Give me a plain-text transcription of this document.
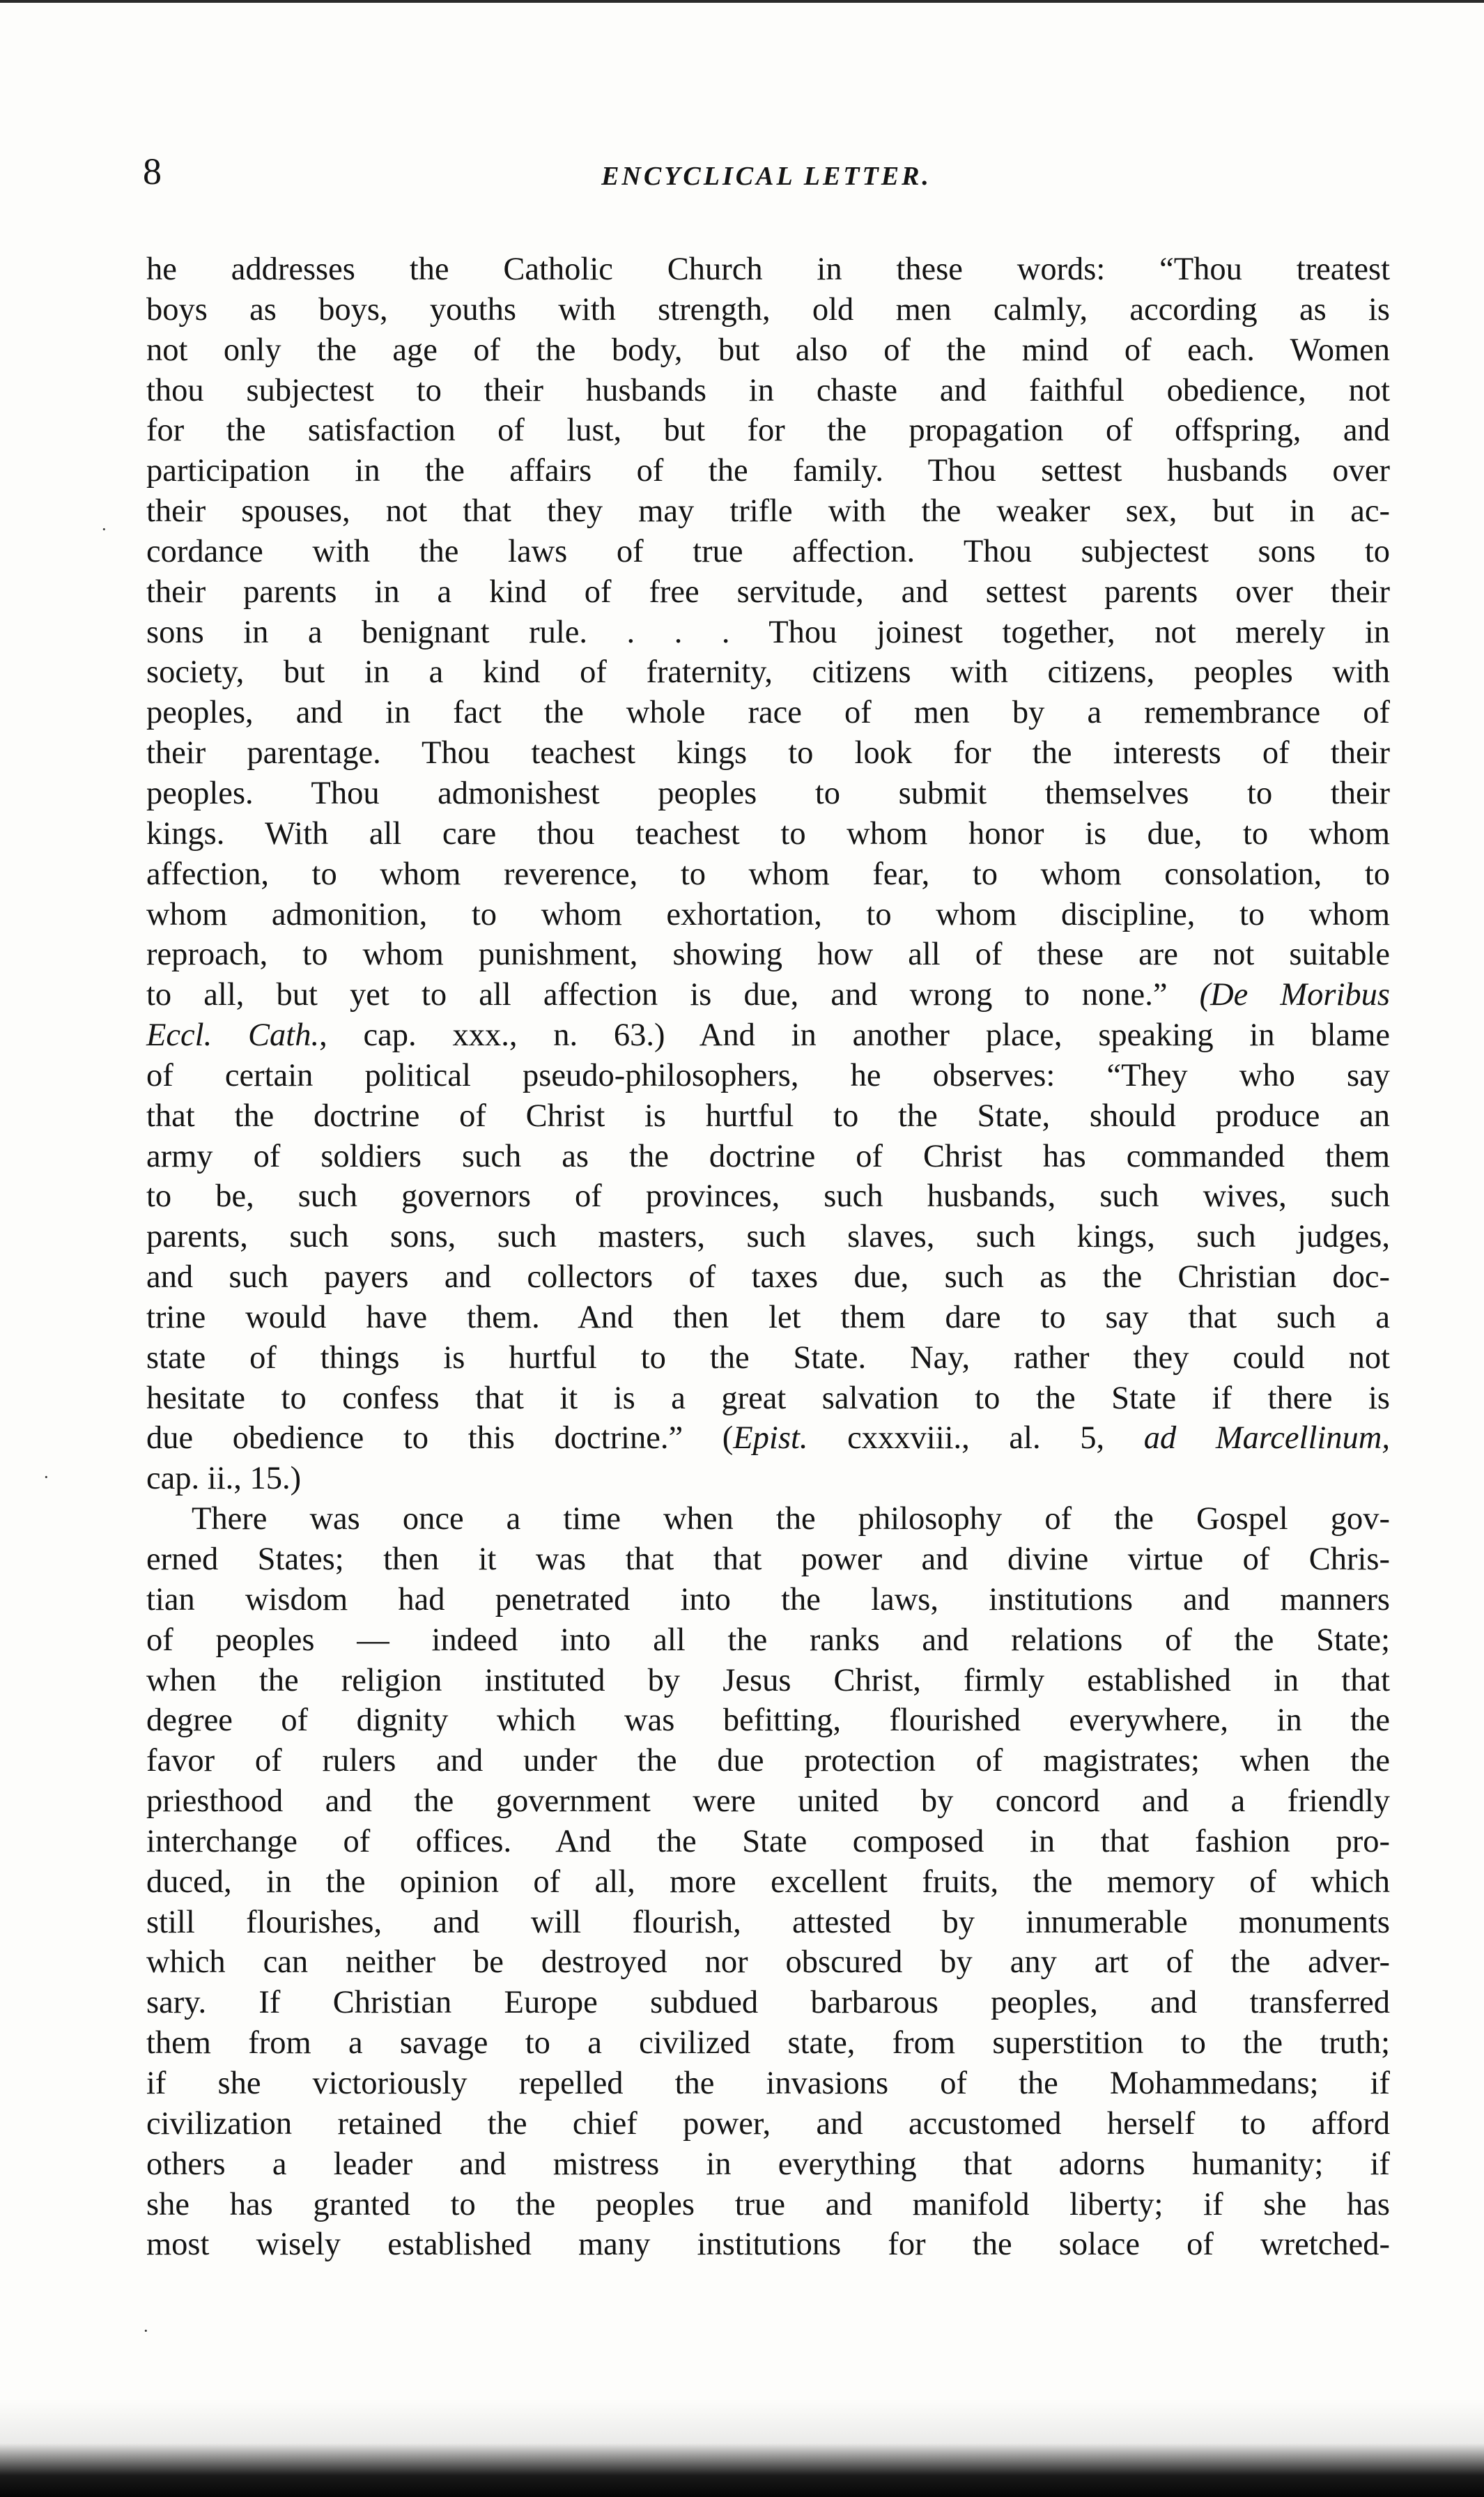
8	ENCYCLICAL LETTER.
he addresses the Catholic Church in these words: “Thou treatest
boys as boys, youths with strength, old men calmly, according as is
not only the age of the body, but also of the mind of each. Women
thou subjectest to their husbands in chaste and faithful obedience, not
for the satisfaction of lust, but for the propagation of offspring, and
participation in the affairs of the family. Thou settest husbands over
their spouses, not that they may trifle with the weaker sex, but in ac-
cordance with the laws of true affection. Thou subjectest sons to
their parents in a kind of free servitude, and settest parents over their
sons in a benignant rule. . . . Thou joinest together, not merely in
society, but in a kind of fraternity, citizens with citizens, peoples with
peoples, and in fact the whole race of men by a remembrance of
their parentage. Thou teachest kings to look for the interests of their
peoples. Thou admonishest peoples to submit themselves to their
kings. With all care thou teachest to whom honor is due, to whom
affection, to whom reverence, to whom fear, to whom consolation, to
whom admonition, to whom exhortation, to whom discipline, to whom
reproach, to whom punishment, showing how all of these are not suitable
to all, but yet to all affection is due, and wrong to none.” (De Moribus
Eccl. Cath., cap. xxx., n. 63.) And in another place, speaking in blame
of certain political pseudo-philosophers, he observes: “They who say
that the doctrine of Christ is hurtful to the State, should produce an
army of soldiers such as the doctrine of Christ has commanded them
to be, such governors of provinces, such husbands, such wives, such
parents, such sons, such masters, such slaves, such kings, such judges,
and such payers and collectors of taxes due, such as the Christian doc-
trine would have them. And then let them dare to say that such a
state of things is hurtful to the State. Nay, rather they could not
hesitate to confess that it is a great salvation to the State if there is
due obedience to this doctrine.” (Epist. cxxxviii., al. 5, ad Marcellinum,
cap. ii., 15.)
There was once a time when the philosophy of the Gospel gov-
erned States; then it was that that power and divine virtue of Chris-
tian wisdom had penetrated into the laws, institutions and manners
of peoples — indeed into all the ranks and relations of the State;
when the religion instituted by Jesus Christ, firmly established in that
degree of dignity which was befitting, flourished everywhere, in the
favor of rulers and under the due protection of magistrates; when the
priesthood and the government were united by concord and a friendly
interchange of offices. And the State composed in that fashion pro-
duced, in the opinion of all, more excellent fruits, the memory of which
still flourishes, and will flourish, attested by innumerable monuments
which can neither be destroyed nor obscured by any art of the adver-
sary. If Christian Europe subdued barbarous peoples, and transferred
them from a savage to a civilized state, from superstition to the truth;
if she victoriously repelled the invasions of the Mohammedans; if
civilization retained the chief power, and accustomed herself to afford
others a leader and mistress in everything that adorns humanity; if
she has granted to the peoples true and manifold liberty; if she has
most wisely established many institutions for the solace of wretched-
·
·
·
